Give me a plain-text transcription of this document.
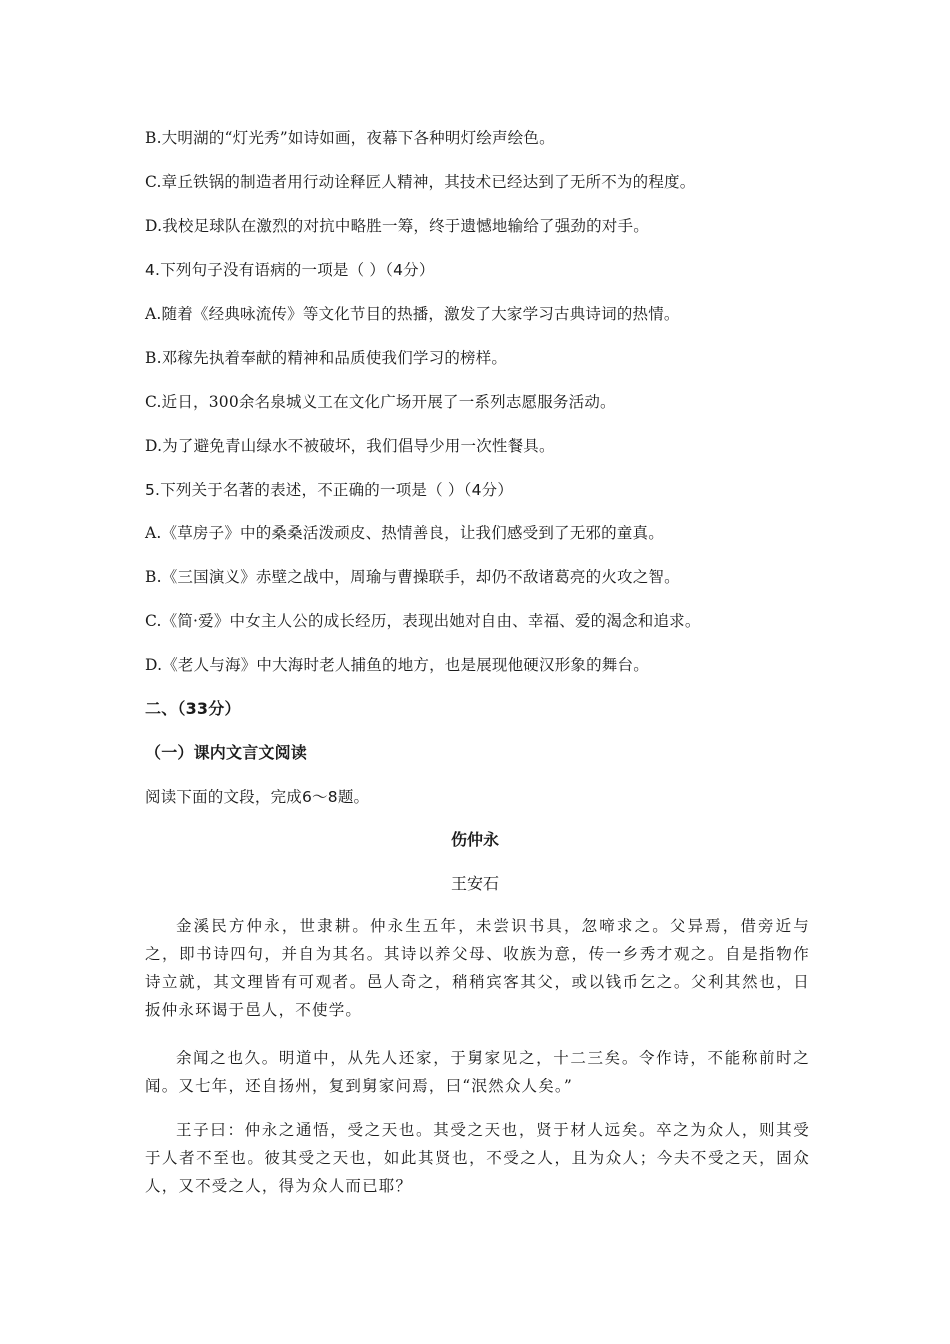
B.大明湖的“灯光秀”如诗如画，夜幕下各种明灯绘声绘色。
C.章丘铁锅的制造者用行动诠释匠人精神，其技术已经达到了无所不为的程度。
D.我校足球队在激烈的对抗中略胜一筹，终于遗憾地输给了强劲的对手。
4.下列句子没有语病的一项是（ ）（4分）
A.随着《经典咏流传》等文化节目的热播，激发了大家学习古典诗词的热情。
B.邓稼先执着奉献的精神和品质使我们学习的榜样。
C.近日，300余名泉城义工在文化广场开展了一系列志愿服务活动。
D.为了避免青山绿水不被破坏，我们倡导少用一次性餐具。
5.下列关于名著的表述，不正确的一项是（ ）（4分）
A.《草房子》中的桑桑活泼顽皮、热情善良，让我们感受到了无邪的童真。
B.《三国演义》赤壁之战中，周瑜与曹操联手，却仍不敌诸葛亮的火攻之智。
C.《简·爱》中女主人公的成长经历，表现出她对自由、幸福、爱的渴念和追求。
D.《老人与海》中大海时老人捕鱼的地方，也是展现他硬汉形象的舞台。
二、（33分）
（一）课内文言文阅读
阅读下面的文段，完成6～8题。
伤仲永
王安石
金溪民方仲永，世隶耕。仲永生五年，未尝识书具，忽啼求之。父异焉，借旁近与之，即书诗四句，并自为其名。其诗以养父母、收族为意，传一乡秀才观之。自是指物作诗立就，其文理皆有可观者。邑人奇之，稍稍宾客其父，或以钱币乞之。父利其然也，日扳仲永环谒于邑人，不使学。
余闻之也久。明道中，从先人还家，于舅家见之，十二三矣。令作诗，不能称前时之闻。又七年，还自扬州，复到舅家问焉，曰“泯然众人矣。”
王子曰：仲永之通悟，受之天也。其受之天也，贤于材人远矣。卒之为众人，则其受于人者不至也。彼其受之天也，如此其贤也，不受之人，且为众人；今夫不受之天，固众人，又不受之人，得为众人而已耶？
